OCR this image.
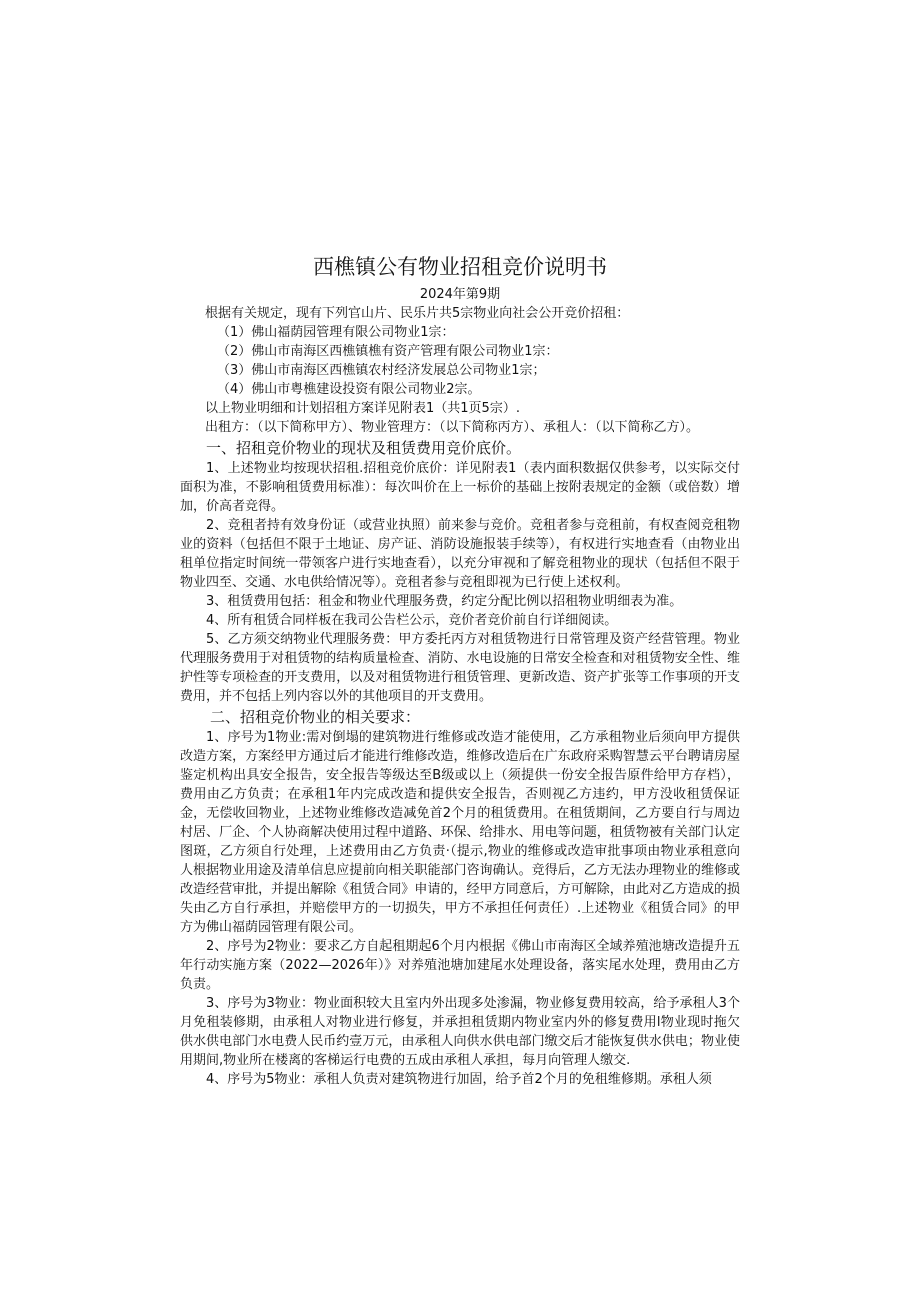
西樵镇公有物业招租竞价说明书
2024年第9期

根据有关规定，现有下列官山片、民乐片共5宗物业向社会公开竞价招租：

（1）佛山福荫园管理有限公司物业1宗：

（2）佛山市南海区西樵镇樵有资产管理有限公司物业1宗：

（3）佛山市南海区西樵镇农村经济发展总公司物业1宗；

（4）佛山市粤樵建设投资有限公司物业2宗。

以上物业明细和计划招租方案详见附表1（共1页5宗）.

出租方：（以下简称甲方）、物业管理方：（以下简称丙方）、承租人：（以下简称乙方）。

一、招租竞价物业的现状及租赁费用竞价底价。

1、上述物业均按现状招租.招租竞价底价：详见附表1（表内面积数据仅供参考，以实际交付面积为准，不影响租赁费用标准）：每次叫价在上一标价的基础上按附表规定的金额（或倍数）增加，价高者竞得。

2、竞租者持有效身份证（或营业执照）前来参与竞价。竞租者参与竞租前，有权查阅竞租物业的资料（包括但不限于土地证、房产证、消防设施报装手续等），有权进行实地查看（由物业出租单位指定时间统一带领客户进行实地查看），以充分审视和了解竞租物业的现状（包括但不限于物业四至、交通、水电供给情况等）。竞租者参与竞租即视为已行使上述权利。

3、租赁费用包括：租金和物业代理服务费，约定分配比例以招租物业明细表为准。

4、所有租赁合同样板在我司公告栏公示，竞价者竞价前自行详细阅读。

5、乙方须交纳物业代理服务费：甲方委托丙方对租赁物进行日常管理及资产经营管理。物业代理服务费用于对租赁物的结构质量检查、消防、水电设施的日常安全检查和对租赁物安全性、维护性等专项检查的开支费用，以及对租赁物进行租赁管理、更新改造、资产扩张等工作事项的开支费用，并不包括上列内容以外的其他项目的开支费用。

二、招租竞价物业的相关要求：

1、序号为1物业:需对倒塌的建筑物进行维修或改造才能使用，乙方承租物业后须向甲方提供改造方案，方案经甲方通过后才能进行维修改造，维修改造后在广东政府采购智慧云平台聘请房屋鉴定机构出具安全报告，安全报告等级达至B级或以上（须提供一份安全报告原件给甲方存档），费用由乙方负责；在承租1年内完成改造和提供安全报告，否则视乙方违约，甲方没收租赁保证金，无偿收回物业，上述物业维修改造减免首2个月的租赁费用。在租赁期间，乙方要自行与周边村居、厂企、个人协商解决使用过程中道路、环保、给排水、用电等问题，租赁物被有关部门认定图斑，乙方须自行处理，上述费用由乙方负责·（提示,物业的维修或改造审批事项由物业承租意向人根据物业用途及清单信息应提前向相关职能部门咨询确认。竞得后，乙方无法办理物业的维修或改造经营审批，并提出解除《租赁合同》申请的，经甲方同意后，方可解除，由此对乙方造成的损失由乙方自行承担，并赔偿甲方的一切损失，甲方不承担任何责任）.上述物业《租赁合同》的甲方为佛山福荫园管理有限公司。

2、序号为2物业：要求乙方自起租期起6个月内根据《佛山市南海区全域养殖池塘改造提升五年行动实施方案（2022—2026年）》对养殖池塘加建尾水处理设备，落实尾水处理，费用由乙方负责。

3、序号为3物业：物业面积较大且室内外出现多处渗漏，物业修复费用较高，给予承租人3个月免租装修期，由承租人对物业进行修复，并承担租赁期内物业室内外的修复费用l物业现时拖欠供水供电部门水电费人民币约壹万元，由承租人向供水供电部门缴交后才能恢复供水供电；物业使用期间,物业所在楼离的客梯运行电费的五成由承租人承担，每月向管理人缴交.

4、序号为5物业：承租人负责对建筑物进行加固，给予首2个月的免租维修期。承租人须
